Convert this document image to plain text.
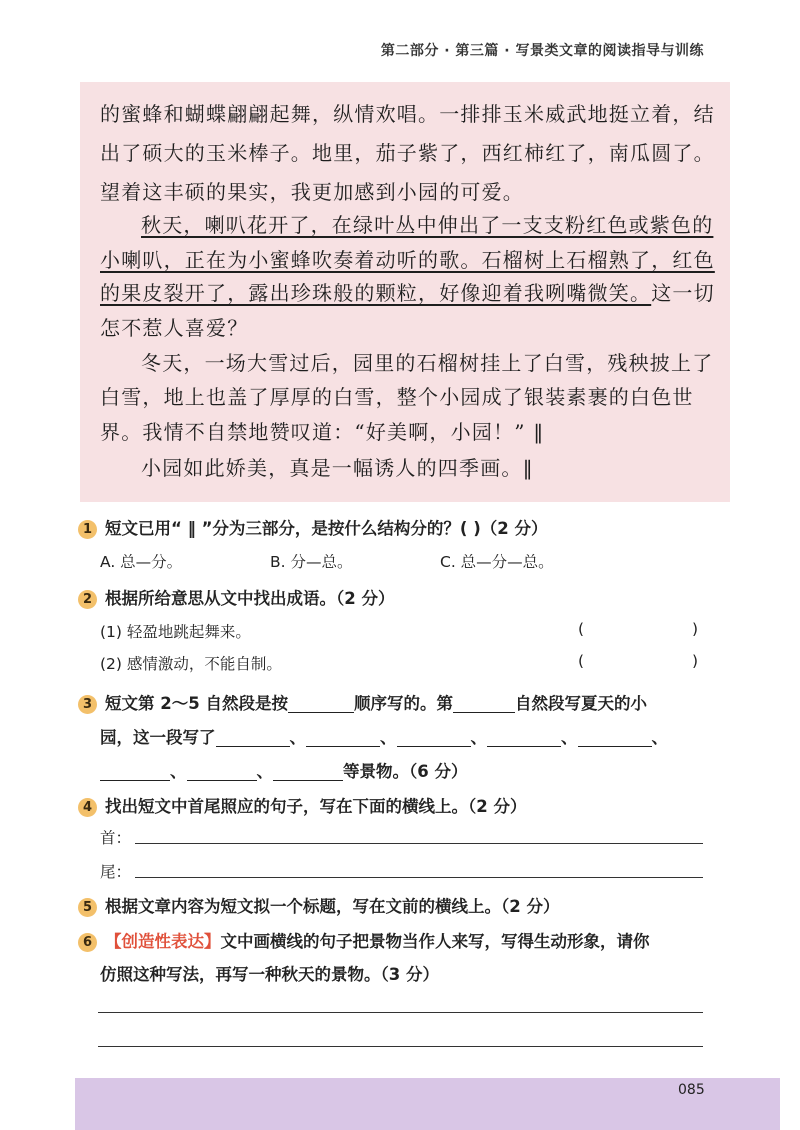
第二部分 · 第三篇 · 写景类文章的阅读指导与训练
的蜜蜂和蝴蝶翩翩起舞，纵情欢唱。一排排玉米威武地挺立着，结
出了硕大的玉米棒子。地里，茄子紫了，西红柿红了，南瓜圆了。
望着这丰硕的果实，我更加感到小园的可爱。
秋天，喇叭花开了，在绿叶丛中伸出了一支支粉红色或紫色的
小喇叭，正在为小蜜蜂吹奏着动听的歌。石榴树上石榴熟了，红色
的果皮裂开了，露出珍珠般的颗粒，好像迎着我咧嘴微笑。这一切
怎不惹人喜爱？
冬天，一场大雪过后，园里的石榴树挂上了白雪，残秧披上了
白雪，地上也盖了厚厚的白雪，整个小园成了银装素裹的白色世
界。我情不自禁地赞叹道：“好美啊，小园！” ‖
小园如此娇美，真是一幅诱人的四季画。‖
1 短文已用“ ‖ ”分为三部分，是按什么结构分的？( )（2 分）
A. 总—分。	B. 分—总。	C. 总—分—总。
2 根据所给意思从文中找出成语。（2 分）
(1) 轻盈地跳起舞来。	(	)
(2) 感情激动，不能自制。	(	)
3 短文第 2～5 自然段是按	顺序写的。第	自然段写夏天的小
园，这一段写了	、	、	、	、	、
、	、	等景物。（6 分）
4 找出短文中首尾照应的句子，写在下面的横线上。（2 分）
首：
尾：
5 根据文章内容为短文拟一个标题，写在文前的横线上。（2 分）
6 【创造性表达】文中画横线的句子把景物当作人来写，写得生动形象，请你
仿照这种写法，再写一种秋天的景物。（3 分）
085
